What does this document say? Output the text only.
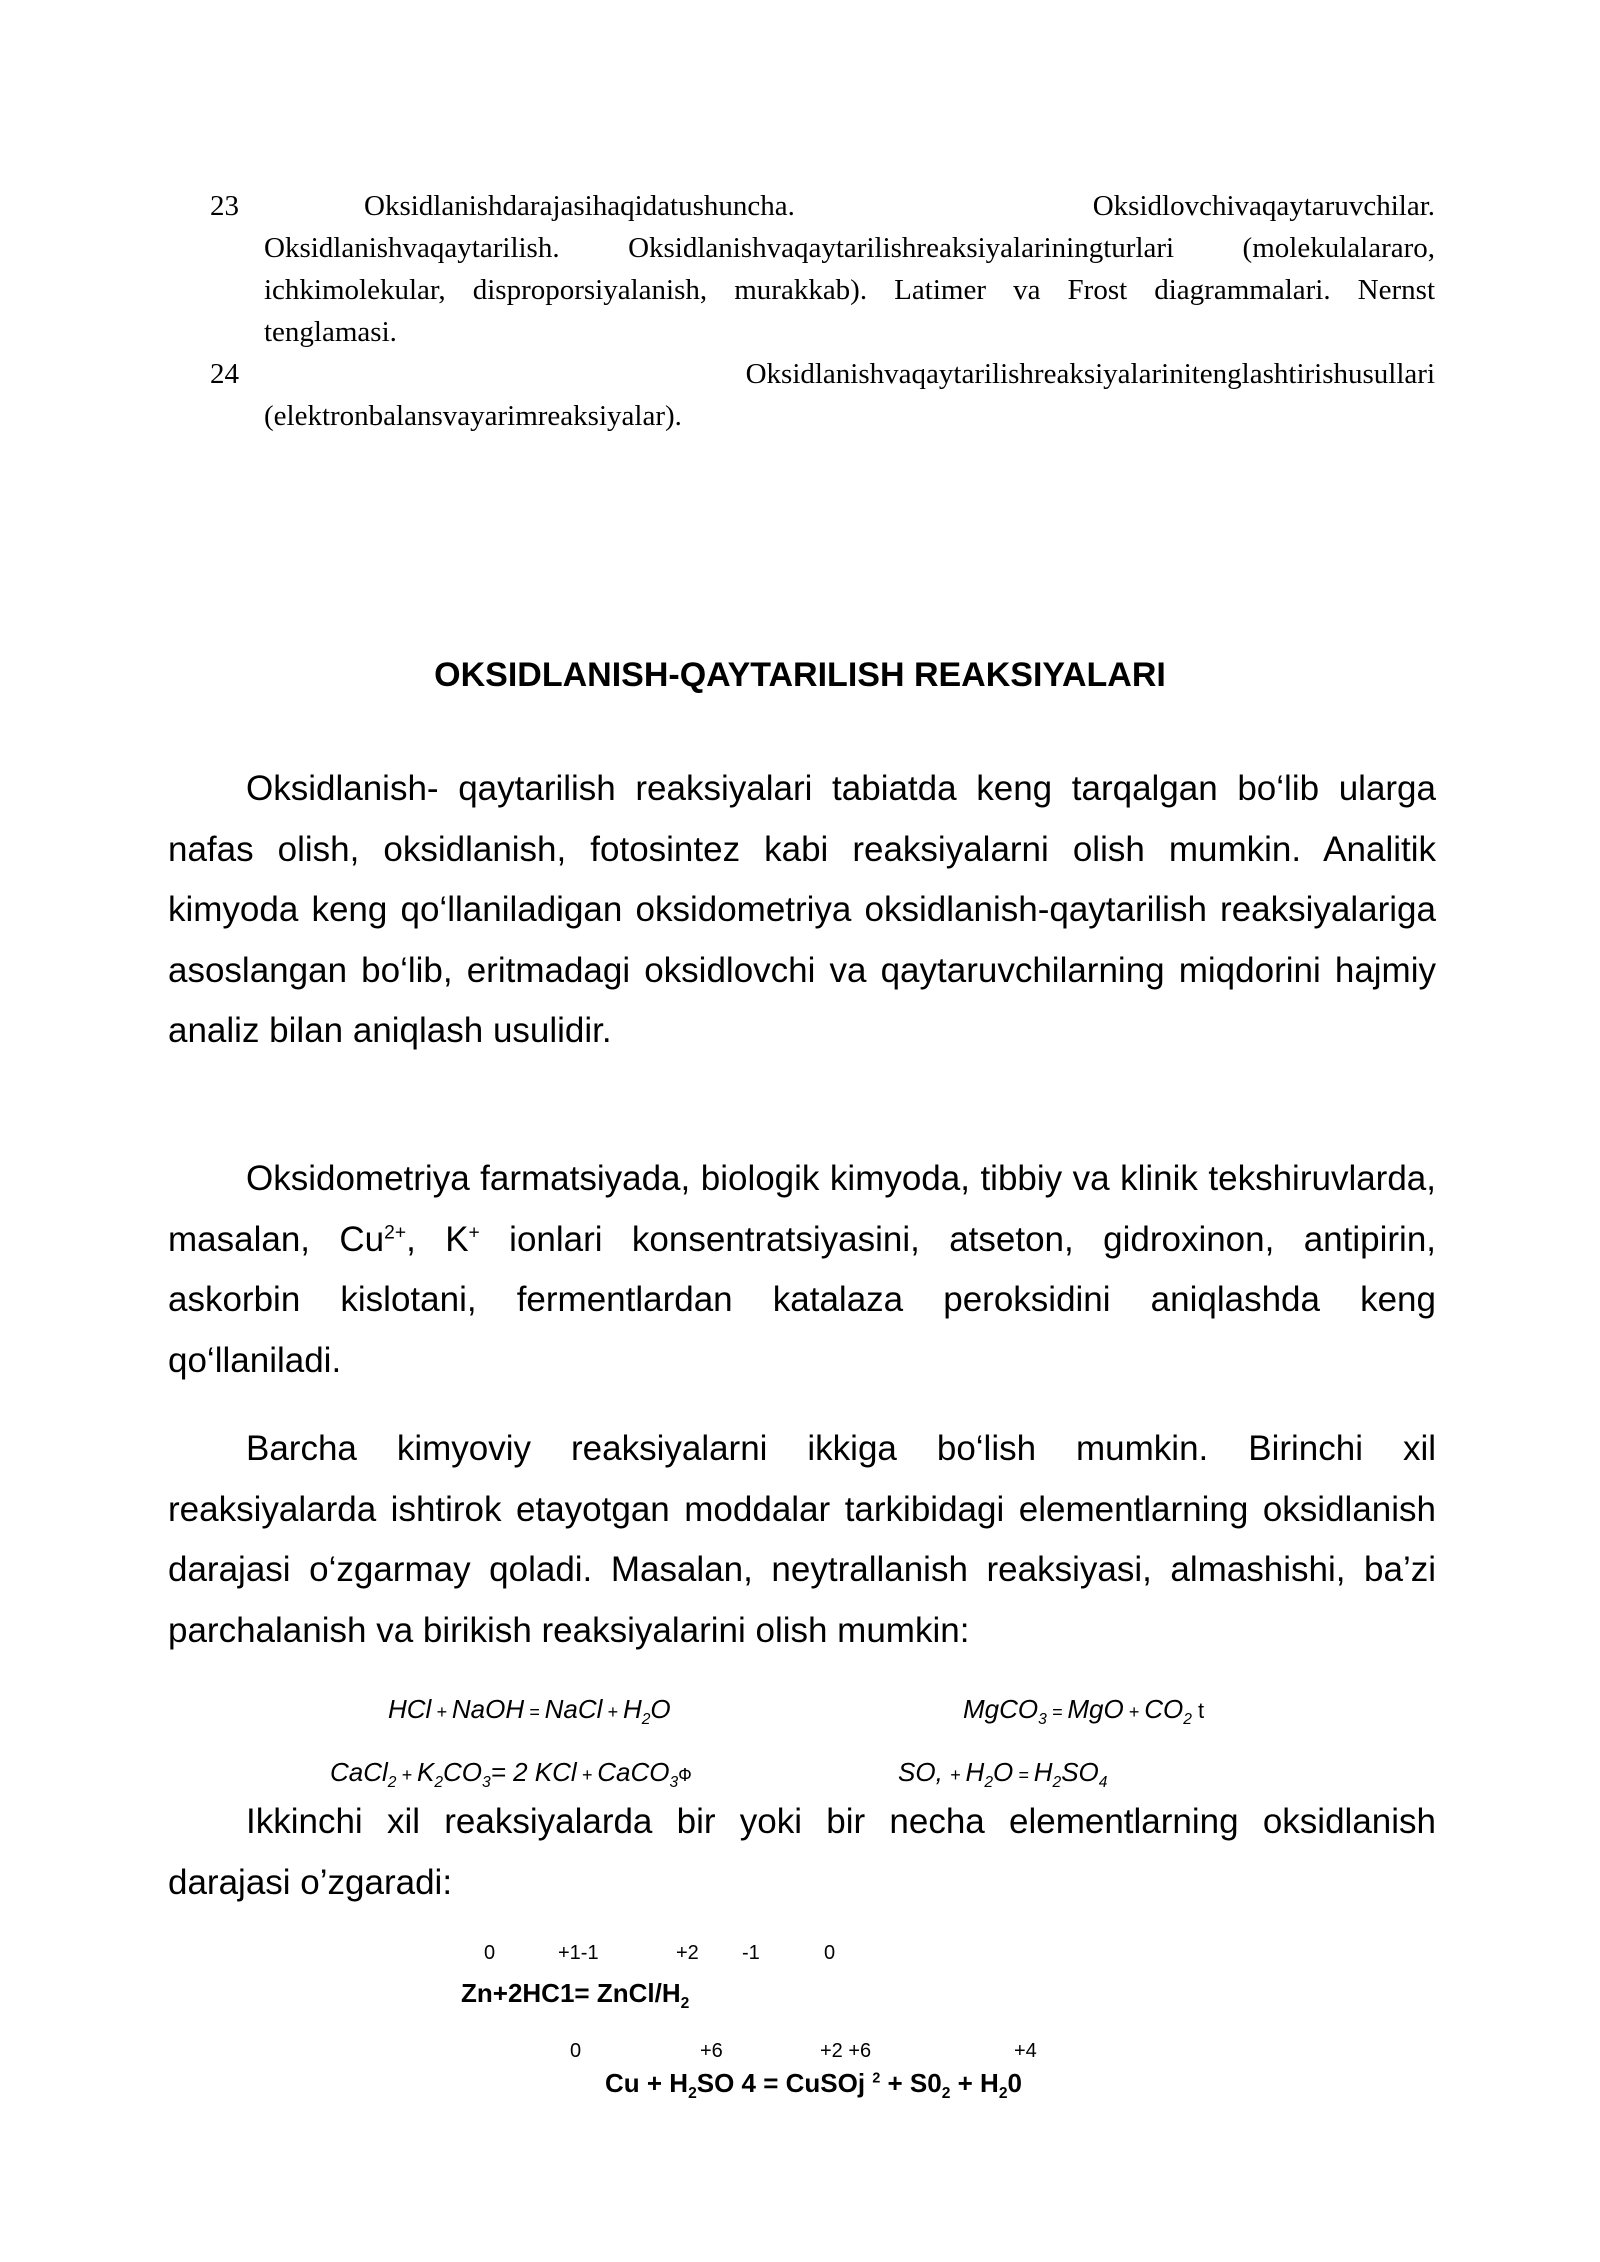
23	Oksidlanishdarajasihaqidatushuncha.	Oksidlovchivaqaytaruvchilar.
Oksidlanishvaqaytarilish. Oksidlanishvaqaytarilishreaksiyalariningturlari (molekulalararo, ichkimolekular, disproporsiyalanish, murakkab). Latimer va Frost diagrammalari. Nernst tenglamasi.
24	Oksidlanishvaqaytarilishreaksiyalarinitenglashtirishusullari
(elektronbalansvayarimreaksiyalar).
OKSIDLANISH-QAYTARILISH REAKSIYALARI
Oksidlanish- qaytarilish reaksiyalari tabiatda keng tarqalgan bo‘lib ularga nafas olish, oksidlanish, fotosintez kabi reaksiyalarni olish mumkin. Analitik kimyoda keng qo‘llaniladigan oksidometriya oksidlanish-qaytarilish reaksiyalariga asoslangan bo‘lib, eritmadagi oksidlovchi va qaytaruvchilarning miqdorini hajmiy analiz bilan aniqlash usulidir.
Oksidometriya farmatsiyada, biologik kimyoda, tibbiy va klinik tekshiruvlarda, masalan, $Cu^{2+}$, K+ ionlari konsentratsiyasini, atseton, gidroxinon, antipirin, askorbin kislotani, fermentlardan katalaza peroksidini aniqlashda keng qo‘llaniladi.
Barcha kimyoviy reaksiyalarni ikkiga bo‘lish mumkin. Birinchi xil reaksiyalarda ishtirok etayotgan moddalar tarkibidagi elementlarning oksidlanish darajasi o‘zgarmay qoladi. Masalan, neytrallanish reaksiyasi, almashishi, ba’zi parchalanish va birikish reaksiyalarini olish mumkin:
HCl + NaOH = NaCl + $H_2O$	MgCO$_3$ = MgO + $CO_2$ t
CaCl$_2$ + $K_2CO_3= 2$ KCl + CaCO$_3$Ф	SO, + $H_2O = H_2SO_4$
Ikkinchi xil reaksiyalarda bir yoki bir necha elementlarning oksidlanish darajasi o’zgaradi:
0	+1-1	+2 -1	0
Zn+2HC1= ZnCl/$H_2$
0	+6	+2 +6	+4
$Cu + H_2SO$ 4 = CuSOj $^2 + S0_2 + H_20$
